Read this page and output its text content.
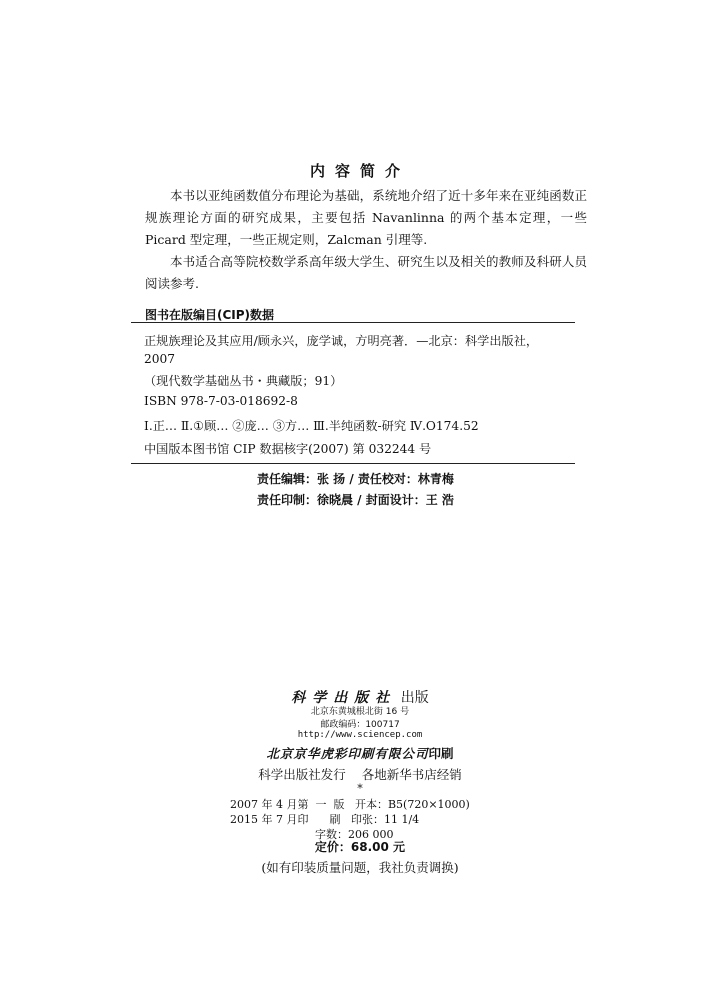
内容简介
本书以亚纯函数值分布理论为基础，系统地介绍了近十多年来在亚纯函数正规族理论方面的研究成果，主要包括 Navanlinna 的两个基本定理，一些 Picard 型定理，一些正规定则，Zalcman 引理等.
本书适合高等院校数学系高年级大学生、研究生以及相关的教师及科研人员阅读参考.
图书在版编目(CIP)数据
正规族理论及其应用/顾永兴，庞学诚，方明亮著．—北京：科学出版社，
2007
（现代数学基础丛书・典藏版；91）
ISBN 978-7-03-018692-8
Ⅰ.正… Ⅱ.①顾… ②庞… ③方… Ⅲ.半纯函数-研究 Ⅳ.O174.52
中国版本图书馆 CIP 数据核字(2007) 第 032244 号
责任编辑：张 扬 / 责任校对：林青梅
责任印制：徐晓晨 / 封面设计：王 浩
科学出版社 出版
北京东黄城根北街 16 号
邮政编码：100717
http://www.sciencep.com
北京京华虎彩印刷有限公司印刷
科学出版社发行    各地新华书店经销
*
2007 年 4 月第  一  版   开本：B5(720×1000)
2015 年 7 月印      刷   印张：11 1/4
字数：206 000
定价：68.00 元
(如有印装质量问题，我社负责调换)
